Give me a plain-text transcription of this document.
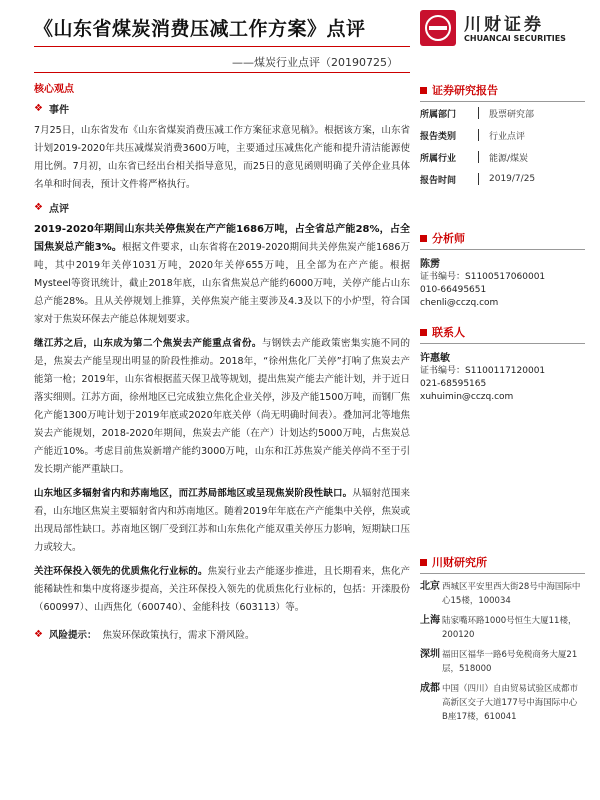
《山东省煤炭消费压减工作方案》点评
——煤炭行业点评（20190725）
川财证券
CHUANCAI SECURITIES
核心观点
❖ 事件

7月25日，山东省发布《山东省煤炭消费压减工作方案征求意见稿》。根据该方案，山东省计划2019-2020年共压减煤炭消费3600万吨，主要通过压减焦化产能和提升清洁能源使用比例。7月初，山东省已经出台相关指导意见，而25日的意见函则明确了关停企业具体名单和时间表，预计文件将严格执行。

❖ 点评

2019-2020年期间山东共关停焦炭在产产能1686万吨，占全省总产能28%，占全国焦炭总产能3%。根据文件要求，山东省将在2019-2020期间共关停焦炭产能1686万吨，其中2019年关停1031万吨，2020年关停655万吨，且全部为在产产能。根据Mysteel等资讯统计，截止2018年底，山东省焦炭总产能约6000万吨，关停产能占山东总产能28%。且从关停规划上推算，关停焦炭产能主要涉及4.3及以下的小炉型，符合国家对于焦炭环保去产能总体规划要求。

继江苏之后，山东成为第二个焦炭去产能重点省份。与钢铁去产能政策密集实施不同的是，焦炭去产能呈现出明显的阶段性推动。2018年，“徐州焦化厂关停”打响了焦炭去产能第一枪；2019年，山东省根据蓝天保卫战等规划，提出焦炭产能去产能计划，并于近日落实细则。江苏方面，徐州地区已完成独立焦化企业关停，涉及产能1500万吨，而钢厂焦化产能1300万吨计划于2019年底或2020年底关停（尚无明确时间表）。叠加河北等地焦炭去产能规划，2018-2020年期间，焦炭去产能（在产）计划达约5000万吨，占焦炭总产能近10%。考虑目前焦炭新增产能约3000万吨，山东和江苏焦炭产能关停尚不至于引发长期产能严重缺口。

山东地区多辐射省内和苏南地区，而江苏局部地区或呈现焦炭阶段性缺口。从辐射范围来看，山东地区焦炭主要辐射省内和苏南地区。随着2019年年底在产产能集中关停，焦炭或出现局部性缺口。苏南地区钢厂受到江苏和山东焦化产能双重关停压力影响，短期缺口压力或较大。

关注环保投入领先的优质焦化行业标的。焦炭行业去产能逐步推进，且长期看来，焦化产能稀缺性和集中度将逐步提高，关注环保投入领先的优质焦化行业标的，包括：开滦股份（600997）、山西焦化（600740）、金能科技（603113）等。

❖ 风险提示： 焦炭环保政策执行，需求下滑风险。
证券研究报告
所属部门	股票研究部
报告类别	行业点评
所属行业	能源/煤炭
报告时间	2019/7/25
分析师
陈雳
证书编号：S1100517060001
010-66495651
chenli@cczq.com
联系人
许惠敏
证书编号：S1100117120001
021-68595165
xuhuimin@cczq.com
川财研究所
北京 西城区平安里西大街28号中海国际中心15楼，100034
上海 陆家嘴环路1000号恒生大厦11楼，200120
深圳 福田区福华一路6号免税商务大厦21层，518000
成都 中国（四川）自由贸易试验区成都市高新区交子大道177号中海国际中心B座17楼，610041
